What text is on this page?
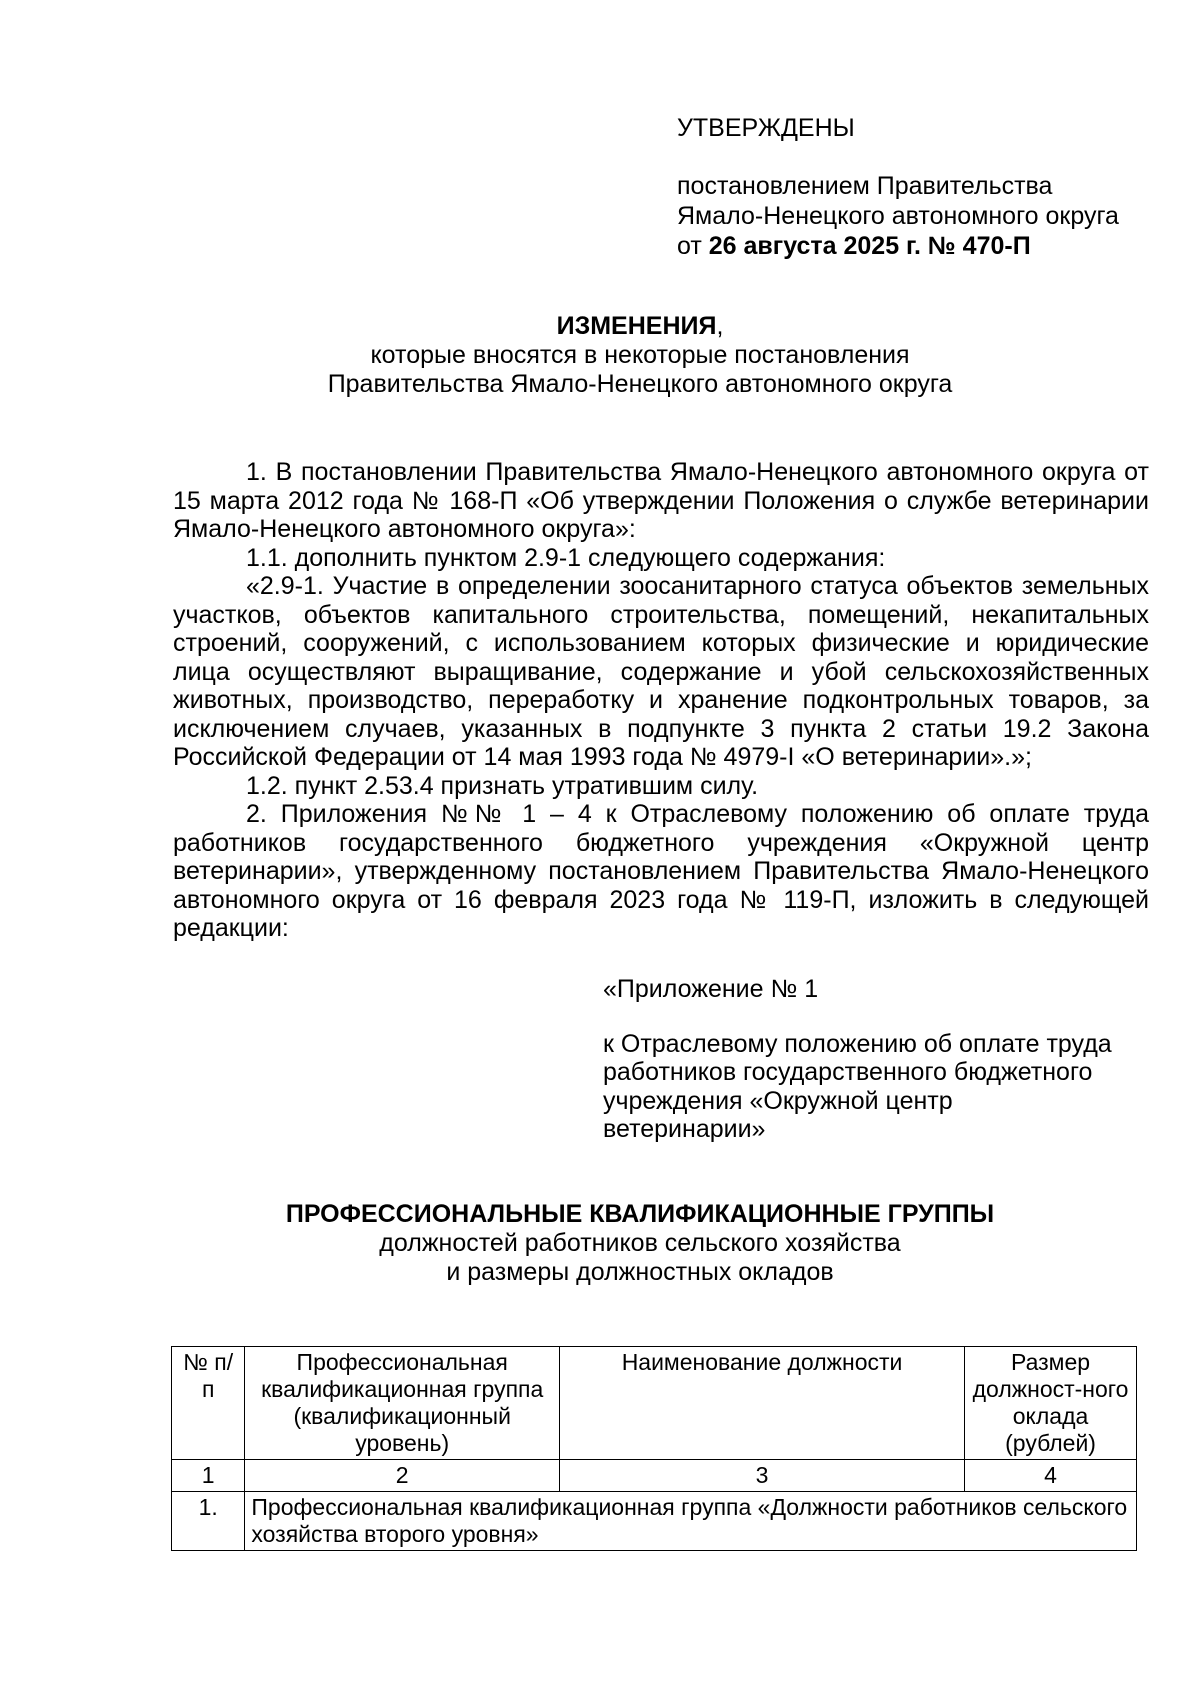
УТВЕРЖДЕНЫ
постановлением Правительства
Ямало-Ненецкого автономного округа
от 26 августа 2025 г. № 470-П
ИЗМЕНЕНИЯ,
которые вносятся в некоторые постановления
Правительства Ямало-Ненецкого автономного округа

1. В постановлении Правительства Ямало-Ненецкого автономного округа от 15 марта 2012 года № 168-П «Об утверждении Положения о службе ветеринарии Ямало-Ненецкого автономного округа»:

1.1. дополнить пунктом 2.9-1 следующего содержания:

«2.9-1. Участие в определении зоосанитарного статуса объектов земельных участков, объектов капитального строительства, помещений, некапитальных строений, сооружений, с использованием которых физические и юридические лица осуществляют выращивание, содержание и убой сельскохозяйственных животных, производство, переработку и хранение подконтрольных товаров, за исключением случаев, указанных в подпункте 3 пункта 2 статьи 19.2 Закона Российской Федерации от 14 мая 1993 года № 4979-I «О ветеринарии».»;

1.2. пункт 2.53.4 признать утратившим силу.

2. Приложения №№ 1 – 4 к Отраслевому положению об оплате труда работников государственного бюджетного учреждения «Окружной центр ветеринарии», утвержденному постановлением Правительства Ямало-Ненецкого автономного округа от 16 февраля 2023 года № 119-П, изложить в следующей редакции:

«Приложение № 1
к Отраслевому положению об оплате труда
работников государственного бюджетного
учреждения «Окружной центр
ветеринарии»
ПРОФЕССИОНАЛЬНЫЕ КВАЛИФИКАЦИОННЫЕ ГРУППЫ
должностей работников сельского хозяйства
и размеры должностных окладов
№ п/п	Профессиональная квалификационная группа (квалификационный уровень)	Наименование должности	Размер должност-ного оклада (рублей)
1	2	3	4
1.	Профессиональная квалификационная группа «Должности работников сельского хозяйства второго уровня»		
